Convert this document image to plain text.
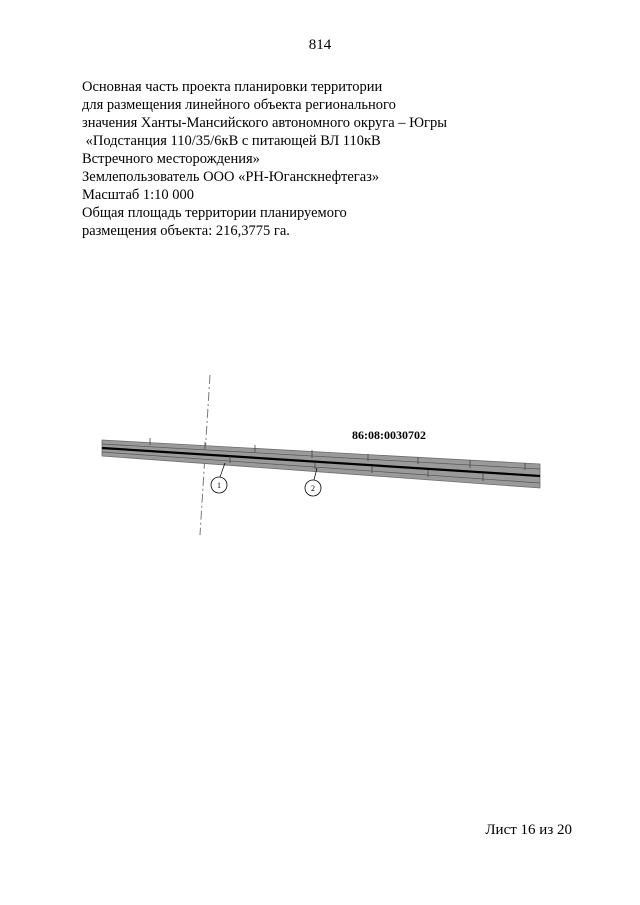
814
Основная часть проекта планировки территории
для размещения линейного объекта регионального
значения Ханты-Мансийского автономного округа – Югры
«Подстанция 110/35/6кВ с питающей ВЛ 110кВ
Встречного месторождения»
Землепользователь ООО «РН-Юганскнефтегаз»
Масштаб 1:10 000
Общая площадь территории планируемого
размещения объекта: 216,3775 га.
1	2
86:08:0030702
Лист 16 из 20
